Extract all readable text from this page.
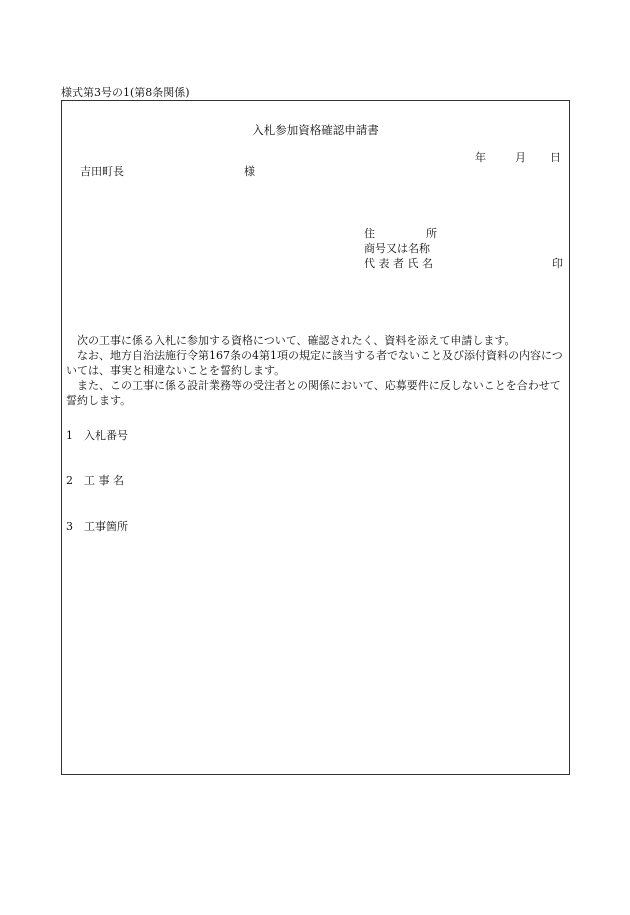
様式第3号の1(第8条関係)
入札参加資格確認申請書
年	月 日
吉田町長	様
住	所
商号又は名称
代 表 者 氏 名	印
次の工事に係る入札に参加する資格について、確認されたく、資料を添えて申請します。
なお、地方自治法施行令第167条の4第1項の規定に該当する者でないこと及び添付資料の内容については、事実と相違ないことを誓約します。
また、この工事に係る設計業務等の受注者との関係において、応募要件に反しないことを合わせて誓約します。
1 入札番号
2 工 事 名
3 工事箇所
